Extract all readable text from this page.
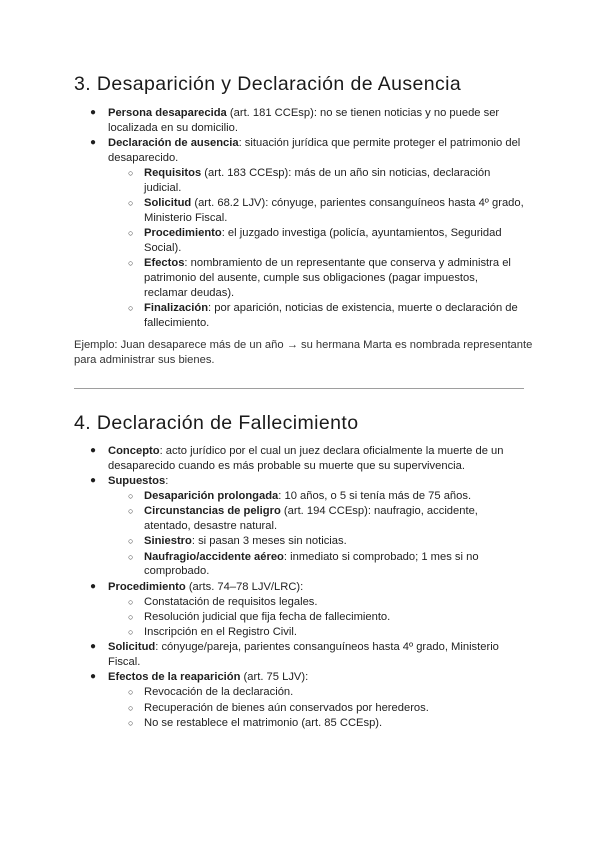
3. Desaparición y Declaración de Ausencia
● Persona desaparecida (art. 181 CCEsp): no se tienen noticias y no puede ser localizada en su domicilio.
● Declaración de ausencia: situación jurídica que permite proteger el patrimonio del desaparecido.
○ Requisitos (art. 183 CCEsp): más de un año sin noticias, declaración judicial.
○ Solicitud (art. 68.2 LJV): cónyuge, parientes consanguíneos hasta 4º grado, Ministerio Fiscal.
○ Procedimiento: el juzgado investiga (policía, ayuntamientos, Seguridad Social).
○ Efectos: nombramiento de un representante que conserva y administra el patrimonio del ausente, cumple sus obligaciones (pagar impuestos, reclamar deudas).
○ Finalización: por aparición, noticias de existencia, muerte o declaración de fallecimiento.
Ejemplo: Juan desaparece más de un año → su hermana Marta es nombrada representante para administrar sus bienes.
4. Declaración de Fallecimiento
● Concepto: acto jurídico por el cual un juez declara oficialmente la muerte de un desaparecido cuando es más probable su muerte que su supervivencia.
● Supuestos:
○ Desaparición prolongada: 10 años, o 5 si tenía más de 75 años.
○ Circunstancias de peligro (art. 194 CCEsp): naufragio, accidente, atentado, desastre natural.
○ Siniestro: si pasan 3 meses sin noticias.
○ Naufragio/accidente aéreo: inmediato si comprobado; 1 mes si no comprobado.
● Procedimiento (arts. 74–78 LJV/LRC):
○ Constatación de requisitos legales.
○ Resolución judicial que fija fecha de fallecimiento.
○ Inscripción en el Registro Civil.
● Solicitud: cónyuge/pareja, parientes consanguíneos hasta 4º grado, Ministerio Fiscal.
● Efectos de la reaparición (art. 75 LJV):
○ Revocación de la declaración.
○ Recuperación de bienes aún conservados por herederos.
○ No se restablece el matrimonio (art. 85 CCEsp).
